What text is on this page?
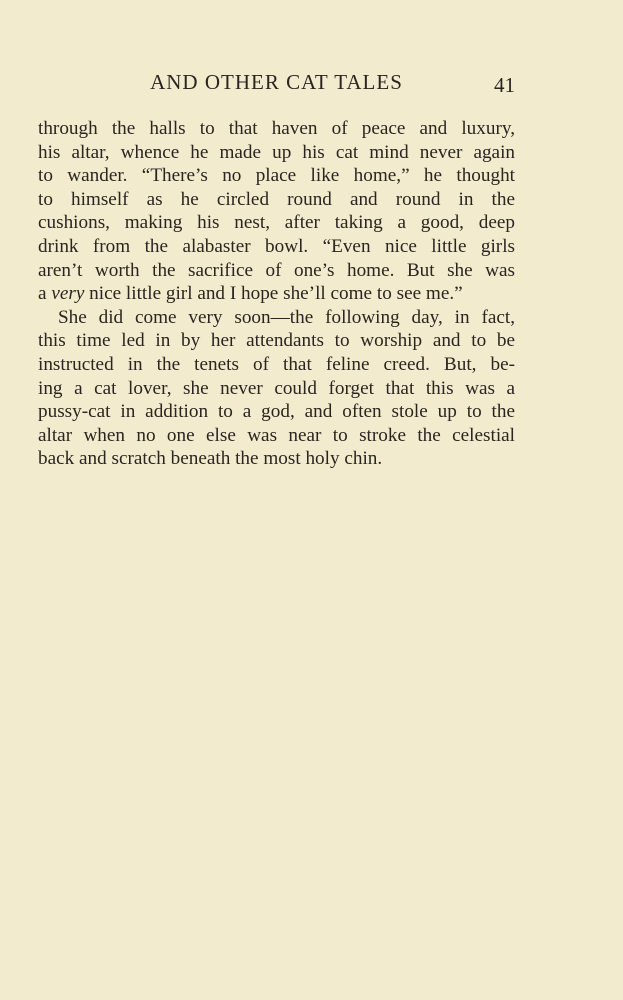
AND OTHER CAT TALES	41
through the halls to that haven of peace and luxury,
his altar, whence he made up his cat mind never again
to wander. “There’s no place like home,” he thought
to himself as he circled round and round in the
cushions, making his nest, after taking a good, deep
drink from the alabaster bowl. “Even nice little girls
aren’t worth the sacrifice of one’s home. But she was
a very nice little girl and I hope she’ll come to see me.”
She did come very soon—the following day, in fact,
this time led in by her attendants to worship and to be
instructed in the tenets of that feline creed. But, be-
ing a cat lover, she never could forget that this was a
pussy-cat in addition to a god, and often stole up to the
altar when no one else was near to stroke the celestial
back and scratch beneath the most holy chin.
